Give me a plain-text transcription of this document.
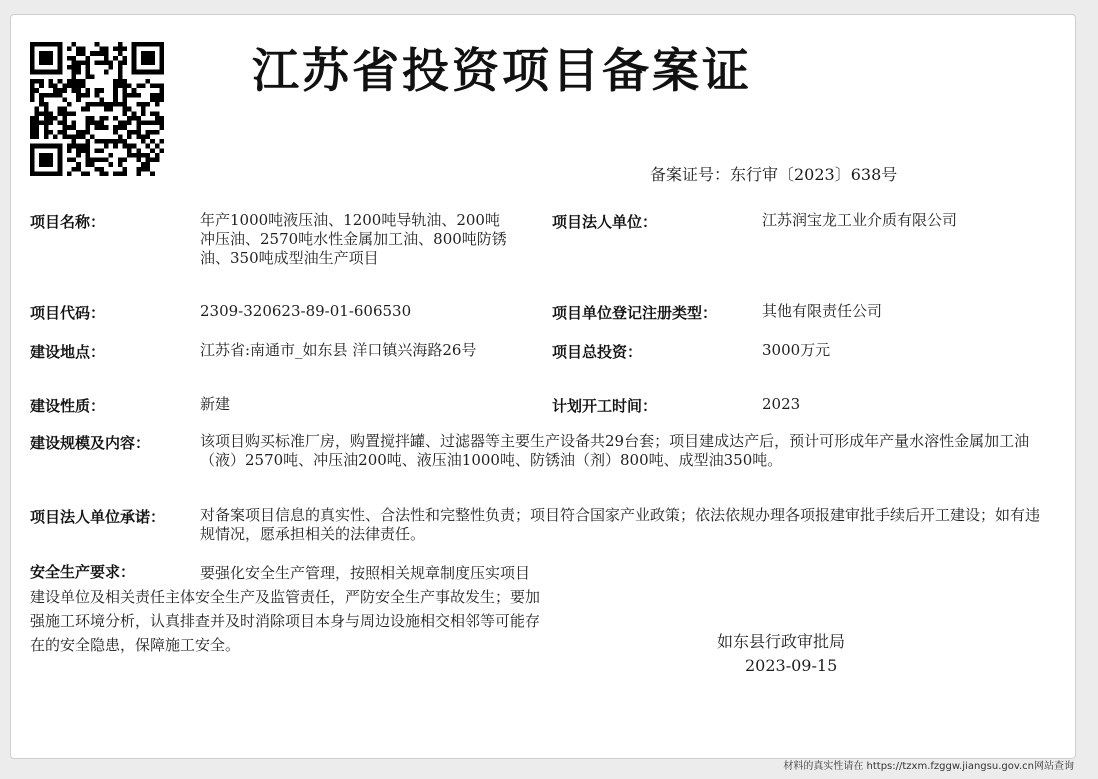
江苏省投资项目备案证
备案证号：东行审〔2023〕638号
项目名称：	年产1000吨液压油、1200吨导轨油、200吨冲压油、2570吨水性金属加工油、800吨防锈油、350吨成型油生产项目
项目法人单位：	江苏润宝龙工业介质有限公司
项目代码：	2309-320623-89-01-606530	项目单位登记注册类型：	其他有限责任公司
建设地点：	江苏省:南通市_如东县 洋口镇兴海路26号	项目总投资：	3000万元
建设性质：	新建	计划开工时间：	2023
建设规模及内容：	该项目购买标准厂房，购置搅拌罐、过滤器等主要生产设备共29台套；项目建成达产后，预计可形成年产量水溶性金属加工油（液）2570吨、冲压油200吨、液压油1000吨、防锈油（剂）800吨、成型油350吨。
项目法人单位承诺： 对备案项目信息的真实性、合法性和完整性负责；项目符合国家产业政策；依法依规办理各项报建审批手续后开工建设；如有违规情况，愿承担相关的法律责任。
安全生产要求：	要强化安全生产管理，按照相关规章制度压实项目建设单位及相关责任主体安全生产及监管责任，严防安全生产事故发生；要加强施工环境分析，认真排查并及时消除项目本身与周边设施相交相邻等可能存在的安全隐患，保障施工安全。	如东县行政审批局
2023-09-15
材料的真实性请在 https://tzxm.fzggw.jiangsu.gov.cn网站查询
